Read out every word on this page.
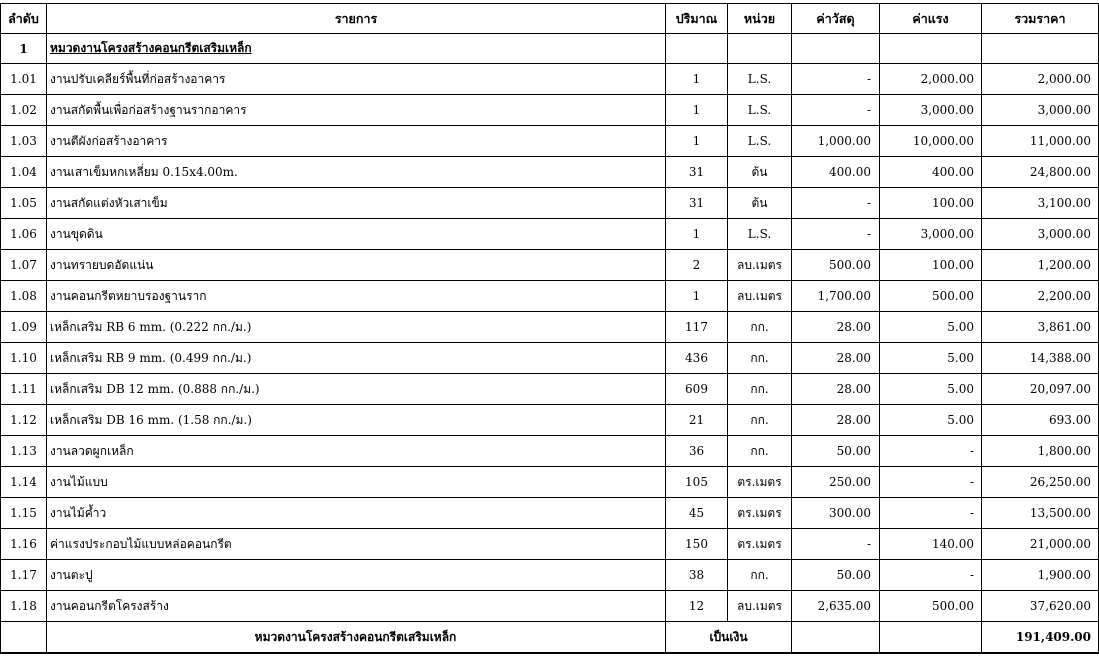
ลำดับ	รายการ	ปริมาณ	หน่วย	ค่าวัสดุ	ค่าแรง	รวมราคา
1	หมวดงานโครงสร้างคอนกรีตเสริมเหล็ก					
1.01	งานปรับเคลียร์พื้นที่ก่อสร้างอาคาร	1	L.S.	-	2,000.00	2,000.00
1.02	งานสกัดพื้นเพื่อก่อสร้างฐานรากอาคาร	1	L.S.	-	3,000.00	3,000.00
1.03	งานตีผังก่อสร้างอาคาร	1	L.S.	1,000.00	10,000.00	11,000.00
1.04	งานเสาเข็มหกเหลี่ยม 0.15x4.00m.	31	ต้น	400.00	400.00	24,800.00
1.05	งานสกัดแต่งหัวเสาเข็ม	31	ต้น	-	100.00	3,100.00
1.06	งานขุดดิน	1	L.S.	-	3,000.00	3,000.00
1.07	งานทรายบดอัดแน่น	2	ลบ.เมตร	500.00	100.00	1,200.00
1.08	งานคอนกรีตหยาบรองฐานราก	1	ลบ.เมตร	1,700.00	500.00	2,200.00
1.09	เหล็กเสริม RB 6 mm. (0.222 กก./ม.)	117	กก.	28.00	5.00	3,861.00
1.10	เหล็กเสริม RB 9 mm. (0.499 กก./ม.)	436	กก.	28.00	5.00	14,388.00
1.11	เหล็กเสริม DB 12 mm. (0.888 กก./ม.)	609	กก.	28.00	5.00	20,097.00
1.12	เหล็กเสริม DB 16 mm. (1.58 กก./ม.)	21	กก.	28.00	5.00	693.00
1.13	งานลวดผูกเหล็ก	36	กก.	50.00	-	1,800.00
1.14	งานไม้แบบ	105	ตร.เมตร	250.00	-	26,250.00
1.15	งานไม้ค้ำว	45	ตร.เมตร	300.00	-	13,500.00
1.16	ค่าแรงประกอบไม้แบบหล่อคอนกรีต	150	ตร.เมตร	-	140.00	21,000.00
1.17	งานตะปู	38	กก.	50.00	-	1,900.00
1.18	งานคอนกรีตโครงสร้าง	12	ลบ.เมตร	2,635.00	500.00	37,620.00
	หมวดงานโครงสร้างคอนกรีตเสริมเหล็ก	เป็นเงิน				191,409.00
